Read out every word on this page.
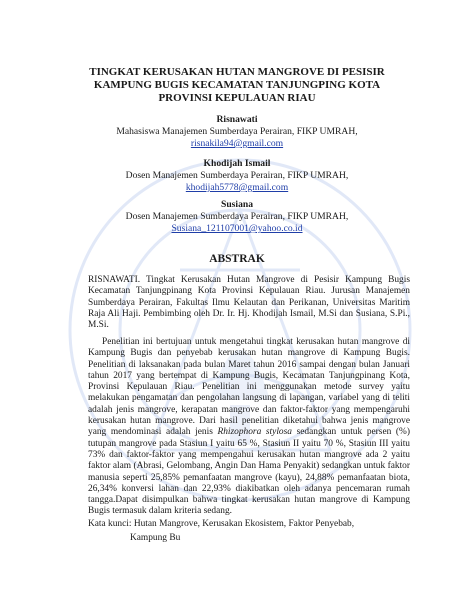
TINGKAT KERUSAKAN HUTAN MANGROVE DI PESISIR
KAMPUNG BUGIS KECAMATAN TANJUNGPING KOTA
PROVINSI KEPULAUAN RIAU
Risnawati
Mahasiswa Manajemen Sumberdaya Perairan, FIKP UMRAH,
risnakila94@gmail.com
Khodijah Ismail
Dosen Manajemen Sumberdaya Perairan, FIKP UMRAH,
khodijah5778@gmail.com
Susiana
Dosen Manajemen Sumberdaya Perairan, FIKP UMRAH,
Susiana_121107001@yahoo.co.id
ABSTRAK
RISNAWATI. Tingkat Kerusakan Hutan Mangrove di Pesisir Kampung Bugis Kecamatan Tanjungpinang Kota Provinsi Kepulauan Riau. Jurusan Manajemen Sumberdaya Perairan, Fakultas Ilmu Kelautan dan Perikanan, Universitas Maritim Raja Ali Haji. Pembimbing oleh Dr. Ir. Hj. Khodijah Ismail, M.Si dan Susiana, S.Pi., M.Si.
Penelitian ini bertujuan untuk mengetahui tingkat kerusakan hutan mangrove di Kampung Bugis dan penyebab kerusakan hutan mangrove di Kampung Bugis. Penelitian di laksanakan pada bulan Maret tahun 2016 sampai dengan bulan Januari tahun 2017 yang bertempat di Kampung Bugis, Kecamatan Tanjungpinang Kota, Provinsi Kepulauan Riau. Penelitian ini menggunakan metode survey yaitu melakukan pengamatan dan pengolahan langsung di lapangan, variabel yang di teliti adalah jenis mangrove, kerapatan mangrove dan faktor-faktor yang mempengaruhi kerusakan hutan mangrove. Dari hasil penelitian diketahui bahwa jenis mangrove yang mendominasi adalah jenis Rhizophora stylosa sedangkan untuk persen (%) tutupan mangrove pada Stasiun I yaitu 65 %, Stasiun II yaitu 70 %, Stasiun III yaitu 73% dan faktor-faktor yang mempengahui kerusakan hutan mangrove ada 2 yaitu faktor alam (Abrasi, Gelombang, Angin Dan Hama Penyakit) sedangkan untuk faktor manusia seperti 25,85% pemanfaatan mangrove (kayu), 24,88% pemanfaatan biota, 26,34% konversi lahan dan 22,93% diakibatkan oleh adanya pencemaran rumah tangga.Dapat disimpulkan bahwa tingkat kerusakan hutan mangrove di Kampung Bugis termasuk dalam kriteria sedang.
Kata kunci: Hutan Mangrove, Kerusakan Ekosistem, Faktor Penyebab,
Kampung Bu
